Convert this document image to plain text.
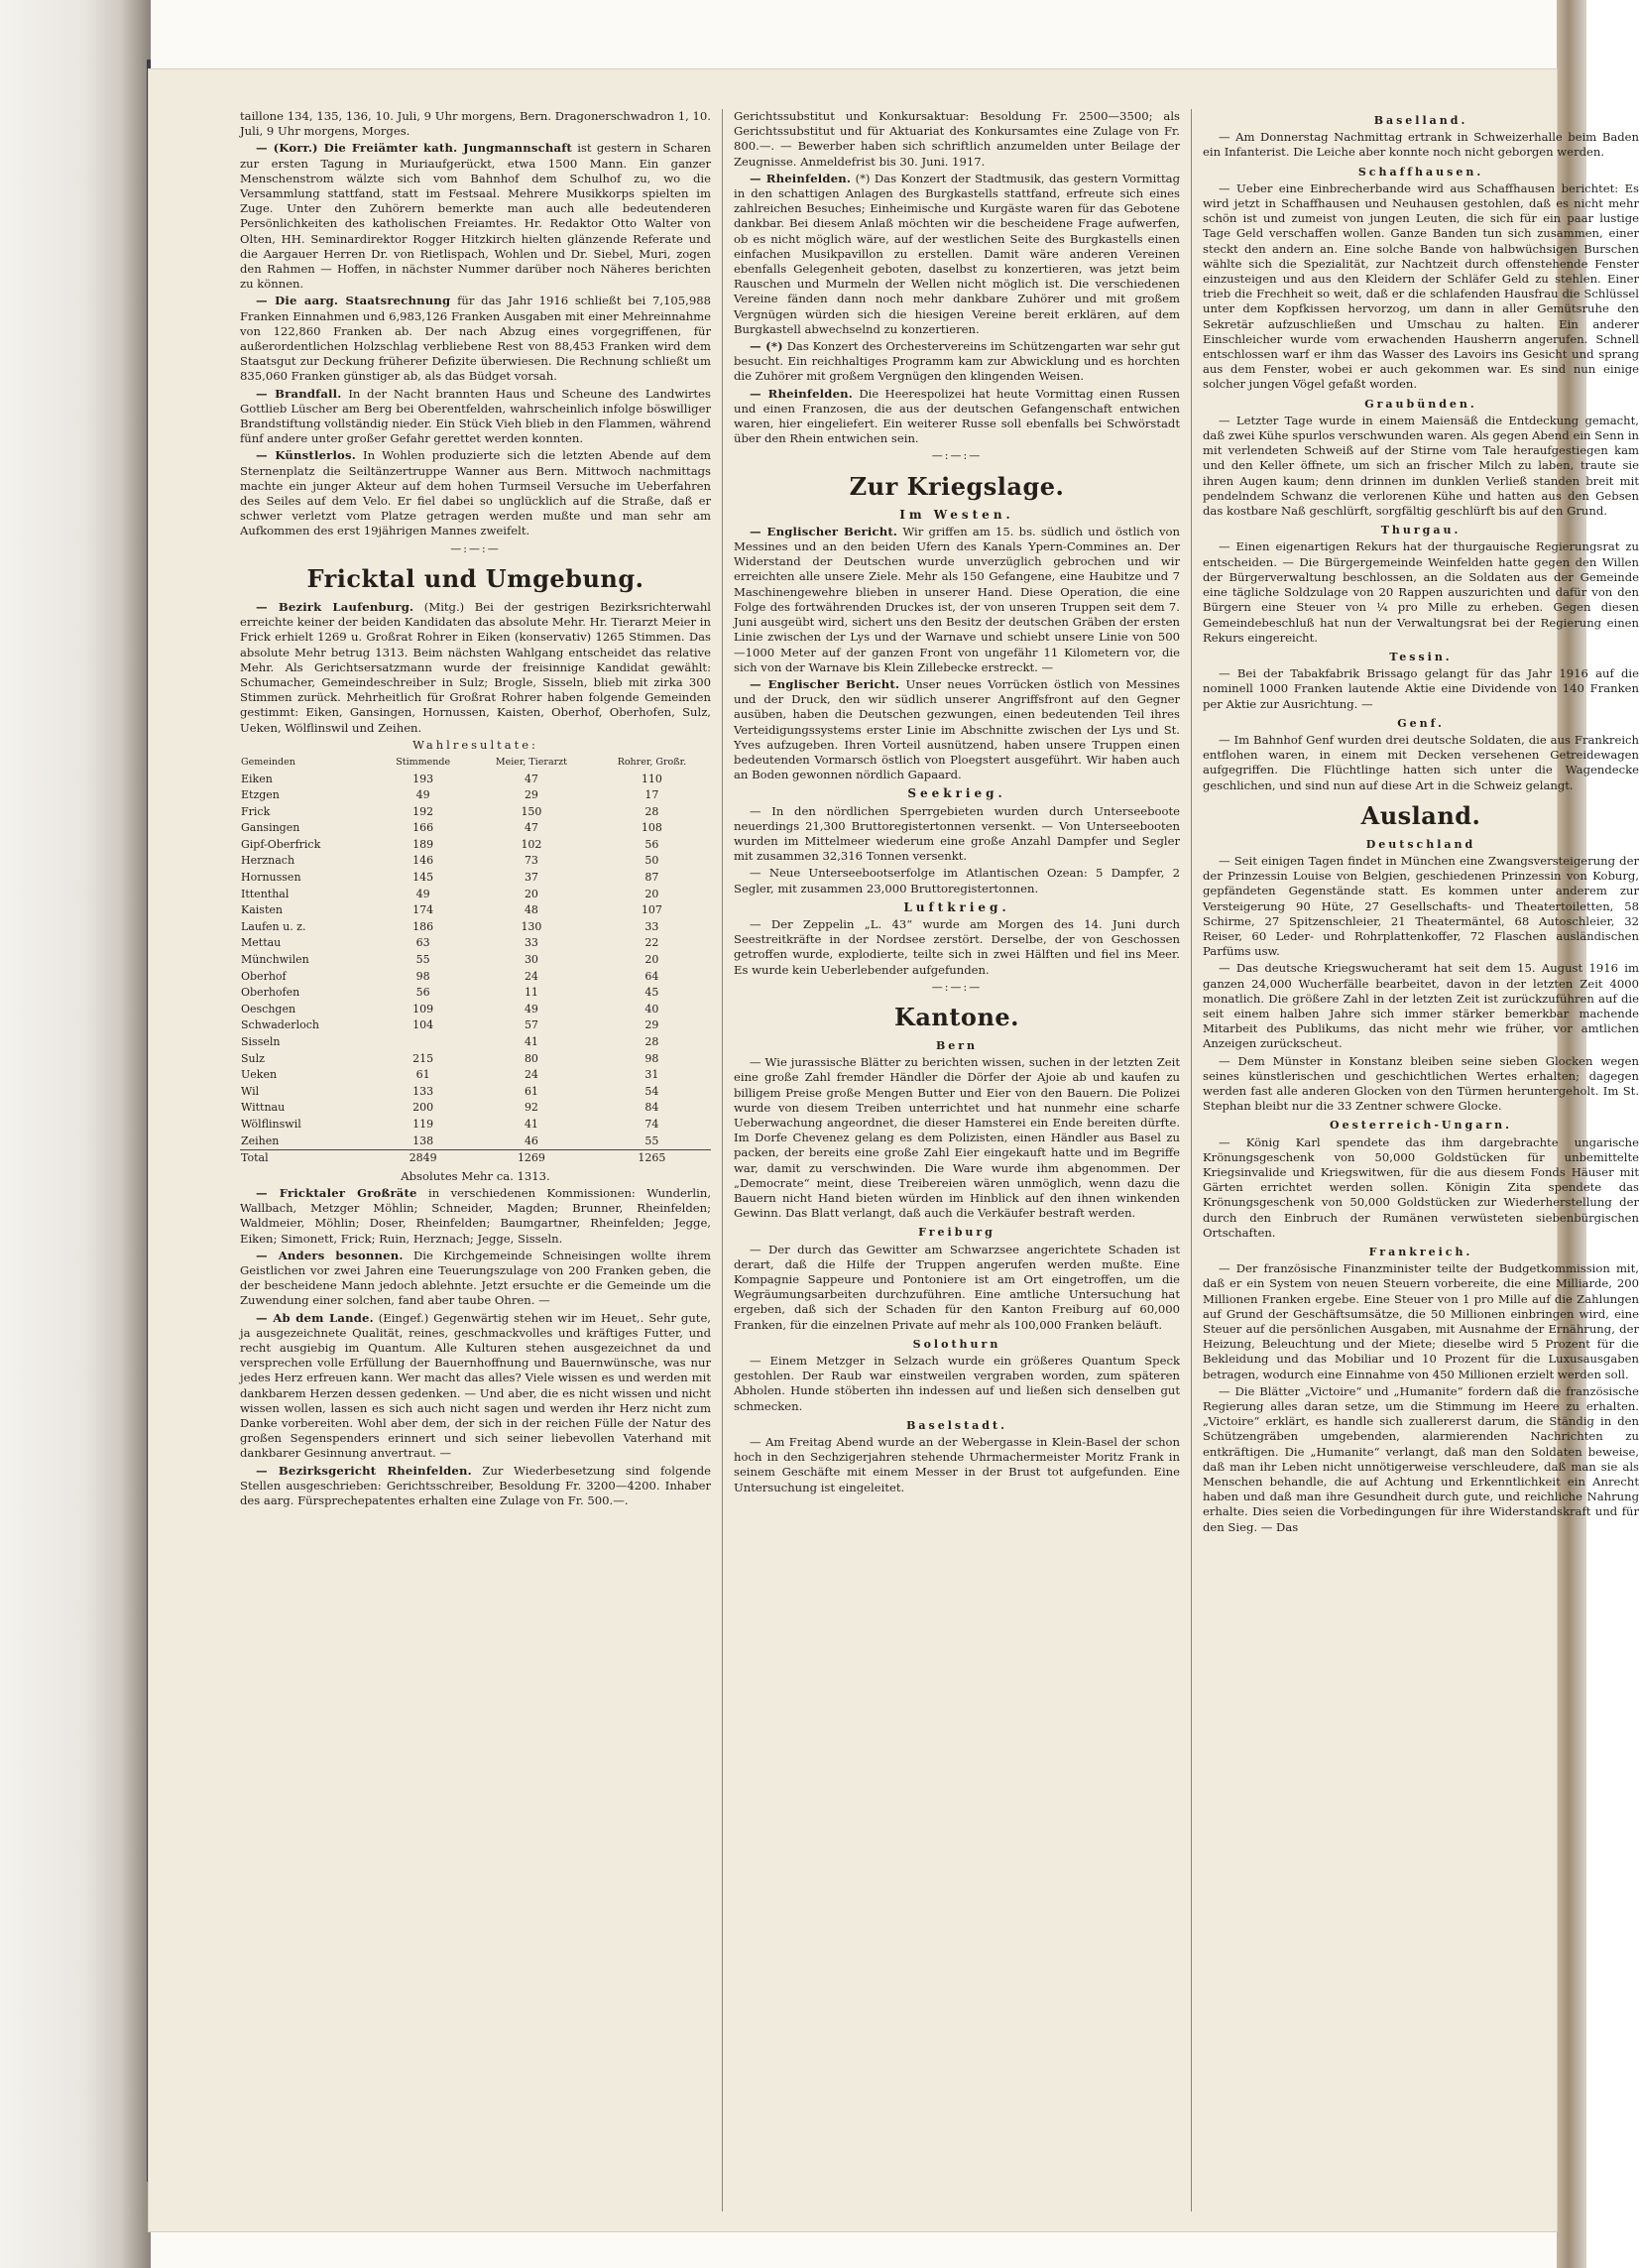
taillone 134, 135, 136, 10. Juli, 9 Uhr morgens, Bern. Dragonerschwadron 1, 10. Juli, 9 Uhr morgens, Morges.

— (Korr.) Die Freiämter kath. Jungmannschaft ist gestern in Scharen zur ersten Tagung in Muriaufgerückt, etwa 1500 Mann. Ein ganzer Menschenstrom wälzte sich vom Bahnhof dem Schulhof zu, wo die Versammlung stattfand, statt im Festsaal. Mehrere Musikkorps spielten im Zuge. Unter den Zuhörern bemerkte man auch alle bedeutenderen Persönlichkeiten des katholischen Freiamtes. Hr. Redaktor Otto Walter von Olten, HH. Seminardirektor Rogger Hitzkirch hielten glänzende Referate und die Aargauer Herren Dr. von Rietlispach, Wohlen und Dr. Siebel, Muri, zogen den Rahmen — Hoffen, in nächster Nummer darüber noch Näheres berichten zu können.

— Die aarg. Staatsrechnung für das Jahr 1916 schließt bei 7,105,988 Franken Einnahmen und 6,983,126 Franken Ausgaben mit einer Mehreinnahme von 122,860 Franken ab. Der nach Abzug eines vorgegriffenen, für außerordentlichen Holzschlag verbliebene Rest von 88,453 Franken wird dem Staatsgut zur Deckung früherer Defizite überwiesen. Die Rechnung schließt um 835,060 Franken günstiger ab, als das Büdget vorsah.

— Brandfall. In der Nacht brannten Haus und Scheune des Landwirtes Gottlieb Lüscher am Berg bei Oberentfelden, wahrscheinlich infolge böswilliger Brandstiftung vollständig nieder. Ein Stück Vieh blieb in den Flammen, während fünf andere unter großer Gefahr gerettet werden konnten.

— Künstlerlos. In Wohlen produzierte sich die letzten Abende auf dem Sternenplatz die Seiltänzertruppe Wanner aus Bern. Mittwoch nachmittags machte ein junger Akteur auf dem hohen Turmseil Versuche im Ueberfahren des Seiles auf dem Velo. Er fiel dabei so unglücklich auf die Straße, daß er schwer verletzt vom Platze getragen werden mußte und man sehr am Aufkommen des erst 19jährigen Mannes zweifelt.

—:—:—
Fricktal und Umgebung.

— Bezirk Laufenburg. (Mitg.) Bei der gestrigen Bezirksrichterwahl erreichte keiner der beiden Kandidaten das absolute Mehr. Hr. Tierarzt Meier in Frick erhielt 1269 u. Großrat Rohrer in Eiken (konservativ) 1265 Stimmen. Das absolute Mehr betrug 1313. Beim nächsten Wahlgang entscheidet das relative Mehr. Als Gerichtsersatzmann wurde der freisinnige Kandidat gewählt: Schumacher, Gemeindeschreiber in Sulz; Brogle, Sisseln, blieb mit zirka 300 Stimmen zurück. Mehrheitlich für Großrat Rohrer haben folgende Gemeinden gestimmt: Eiken, Gansingen, Hornussen, Kaisten, Oberhof, Oberhofen, Sulz, Ueken, Wölflinswil und Zeihen.

Wahlresultate:
Gemeinden	Stimmende	Meier, Tierarzt	Rohrer, Großr.
Eiken	193	47	110
Etzgen	49	29	17
Frick	192	150	28
Gansingen	166	47	108
Gipf-Oberfrick	189	102	56
Herznach	146	73	50
Hornussen	145	37	87
Ittenthal	49	20	20
Kaisten	174	48	107
Laufen u. z.	186	130	33
Mettau	63	33	22
Münchwilen	55	30	20
Oberhof	98	24	64
Oberhofen	56	11	45
Oeschgen	109	49	40
Schwaderloch	104	57	29
Sisseln		41	28
Sulz	215	80	98
Ueken	61	24	31
Wil	133	61	54
Wittnau	200	92	84
Wölflinswil	119	41	74
Zeihen	138	46	55
Total	2849	1269	1265

Absolutes Mehr ca. 1313.

— Fricktaler Großräte in verschiedenen Kommissionen: Wunderlin, Wallbach, Metzger Möhlin; Schneider, Magden; Brunner, Rheinfelden; Waldmeier, Möhlin; Doser, Rheinfelden; Baumgartner, Rheinfelden; Jegge, Eiken; Simonett, Frick; Ruin, Herznach; Jegge, Sisseln.

— Anders besonnen. Die Kirchgemeinde Schneisingen wollte ihrem Geistlichen vor zwei Jahren eine Teuerungszulage von 200 Franken geben, die der bescheidene Mann jedoch ablehnte. Jetzt ersuchte er die Gemeinde um die Zuwendung einer solchen, fand aber taube Ohren. —

— Ab dem Lande. (Eingef.) Gegenwärtig stehen wir im Heuet,. Sehr gute, ja ausgezeichnete Qualität, reines, geschmackvolles und kräftiges Futter, und recht ausgiebig im Quantum. Alle Kulturen stehen ausgezeichnet da und versprechen volle Erfüllung der Bauernhoffnung und Bauernwünsche, was nur jedes Herz erfreuen kann. Wer macht das alles? Viele wissen es und werden mit dankbarem Herzen dessen gedenken. — Und aber, die es nicht wissen und nicht wissen wollen, lassen es sich auch nicht sagen und werden ihr Herz nicht zum Danke vorbereiten. Wohl aber dem, der sich in der reichen Fülle der Natur des großen Segenspenders erinnert und sich seiner liebevollen Vaterhand mit dankbarer Gesinnung anvertraut. —

— Bezirksgericht Rheinfelden. Zur Wiederbesetzung sind folgende Stellen ausgeschrieben: Gerichtsschreiber, Besoldung Fr. 3200—4200. Inhaber des aarg. Fürsprechepatentes erhalten eine Zulage von Fr. 500.—.

Gerichtssubstitut und Konkursaktuar: Besoldung Fr. 2500—3500; als Gerichtssubstitut und für Aktuariat des Konkursamtes eine Zulage von Fr. 800.—. — Bewerber haben sich schriftlich anzumelden unter Beilage der Zeugnisse. Anmeldefrist bis 30. Juni. 1917.

— Rheinfelden. (*) Das Konzert der Stadtmusik, das gestern Vormittag in den schattigen Anlagen des Burgkastells stattfand, erfreute sich eines zahlreichen Besuches; Einheimische und Kurgäste waren für das Gebotene dankbar. Bei diesem Anlaß möchten wir die bescheidene Frage aufwerfen, ob es nicht möglich wäre, auf der westlichen Seite des Burgkastells einen einfachen Musikpavillon zu erstellen. Damit wäre anderen Vereinen ebenfalls Gelegenheit geboten, daselbst zu konzertieren, was jetzt beim Rauschen und Murmeln der Wellen nicht möglich ist. Die verschiedenen Vereine fänden dann noch mehr dankbare Zuhörer und mit großem Vergnügen würden sich die hiesigen Vereine bereit erklären, auf dem Burgkastell abwechselnd zu konzertieren.

— (*) Das Konzert des Orchestervereins im Schützengarten war sehr gut besucht. Ein reichhaltiges Programm kam zur Abwicklung und es horchten die Zuhörer mit großem Vergnügen den klingenden Weisen.

— Rheinfelden. Die Heerespolizei hat heute Vormittag einen Russen und einen Franzosen, die aus der deutschen Gefangenschaft entwichen waren, hier eingeliefert. Ein weiterer Russe soll ebenfalls bei Schwörstadt über den Rhein entwichen sein.

—:—:—
Zur Kriegslage.
Im Westen.

— Englischer Bericht. Wir griffen am 15. bs. südlich und östlich von Messines und an den beiden Ufern des Kanals Ypern-Commines an. Der Widerstand der Deutschen wurde unverzüglich gebrochen und wir erreichten alle unsere Ziele. Mehr als 150 Gefangene, eine Haubitze und 7 Maschinengewehre blieben in unserer Hand. Diese Operation, die eine Folge des fortwährenden Druckes ist, der von unseren Truppen seit dem 7. Juni ausgeübt wird, sichert uns den Besitz der deutschen Gräben der ersten Linie zwischen der Lys und der Warnave und schiebt unsere Linie von 500—1000 Meter auf der ganzen Front von ungefähr 11 Kilometern vor, die sich von der Warnave bis Klein Zillebecke erstreckt. —

— Englischer Bericht. Unser neues Vorrücken östlich von Messines und der Druck, den wir südlich unserer Angriffsfront auf den Gegner ausüben, haben die Deutschen gezwungen, einen bedeutenden Teil ihres Verteidigungssystems erster Linie im Abschnitte zwischen der Lys und St. Yves aufzugeben. Ihren Vorteil ausnützend, haben unsere Truppen einen bedeutenden Vormarsch östlich von Ploegstert ausgeführt. Wir haben auch an Boden gewonnen nördlich Gapaard.

Seekrieg.

— In den nördlichen Sperrgebieten wurden durch Unterseeboote neuerdings 21,300 Bruttoregistertonnen versenkt. — Von Unterseebooten wurden im Mittelmeer wiederum eine große Anzahl Dampfer und Segler mit zusammen 32,316 Tonnen versenkt.

— Neue Unterseebootserfolge im Atlantischen Ozean: 5 Dampfer, 2 Segler, mit zusammen 23,000 Bruttoregistertonnen.

Luftkrieg.

— Der Zeppelin „L. 43“ wurde am Morgen des 14. Juni durch Seestreitkräfte in der Nordsee zerstört. Derselbe, der von Geschossen getroffen wurde, explodierte, teilte sich in zwei Hälften und fiel ins Meer. Es wurde kein Ueberlebender aufgefunden.

—:—:—
Kantone.
Bern

— Wie jurassische Blätter zu berichten wissen, suchen in der letzten Zeit eine große Zahl fremder Händler die Dörfer der Ajoie ab und kaufen zu billigem Preise große Mengen Butter und Eier von den Bauern. Die Polizei wurde von diesem Treiben unterrichtet und hat nunmehr eine scharfe Ueberwachung angeordnet, die dieser Hamsterei ein Ende bereiten dürfte. Im Dorfe Chevenez gelang es dem Polizisten, einen Händler aus Basel zu packen, der bereits eine große Zahl Eier eingekauft hatte und im Begriffe war, damit zu verschwinden. Die Ware wurde ihm abgenommen. Der „Democrate“ meint, diese Treibereien wären unmöglich, wenn dazu die Bauern nicht Hand bieten würden im Hinblick auf den ihnen winkenden Gewinn. Das Blatt verlangt, daß auch die Verkäufer bestraft werden.

Freiburg

— Der durch das Gewitter am Schwarzsee angerichtete Schaden ist derart, daß die Hilfe der Truppen angerufen werden mußte. Eine Kompagnie Sappeure und Pontoniere ist am Ort eingetroffen, um die Wegräumungsarbeiten durchzuführen. Eine amtliche Untersuchung hat ergeben, daß sich der Schaden für den Kanton Freiburg auf 60,000 Franken, für die einzelnen Private auf mehr als 100,000 Franken beläuft.

Solothurn

— Einem Metzger in Selzach wurde ein größeres Quantum Speck gestohlen. Der Raub war einstweilen vergraben worden, zum späteren Abholen. Hunde stöberten ihn indessen auf und ließen sich denselben gut schmecken.

Baselstadt.

— Am Freitag Abend wurde an der Webergasse in Klein-Basel der schon hoch in den Sechzigerjahren stehende Uhrmachermeister Moritz Frank in seinem Geschäfte mit einem Messer in der Brust tot aufgefunden. Eine Untersuchung ist eingeleitet.

Baselland.

— Am Donnerstag Nachmittag ertrank in Schweizerhalle beim Baden ein Infanterist. Die Leiche aber konnte noch nicht geborgen werden.

Schaffhausen.

— Ueber eine Einbrecherbande wird aus Schaffhausen berichtet: Es wird jetzt in Schaffhausen und Neuhausen gestohlen, daß es nicht mehr schön ist und zumeist von jungen Leuten, die sich für ein paar lustige Tage Geld verschaffen wollen. Ganze Banden tun sich zusammen, einer steckt den andern an. Eine solche Bande von halbwüchsigen Burschen wählte sich die Spezialität, zur Nachtzeit durch offenstehende Fenster einzusteigen und aus den Kleidern der Schläfer Geld zu stehlen. Einer trieb die Frechheit so weit, daß er die schlafenden Hausfrau die Schlüssel unter dem Kopfkissen hervorzog, um dann in aller Gemütsruhe den Sekretär aufzuschließen und Umschau zu halten. Ein anderer Einschleicher wurde vom erwachenden Hausherrn angerufen. Schnell entschlossen warf er ihm das Wasser des Lavoirs ins Gesicht und sprang aus dem Fenster, wobei er auch gekommen war. Es sind nun einige solcher jungen Vögel gefaßt worden.

Graubünden.

— Letzter Tage wurde in einem Maiensäß die Entdeckung gemacht, daß zwei Kühe spurlos verschwunden waren. Als gegen Abend ein Senn in mit verlendeten Schweiß auf der Stirne vom Tale heraufgestiegen kam und den Keller öffnete, um sich an frischer Milch zu laben, traute sie ihren Augen kaum; denn drinnen im dunklen Verließ standen breit mit pendelndem Schwanz die verlorenen Kühe und hatten aus den Gebsen das kostbare Naß geschlürft, sorgfältig geschlürft bis auf den Grund.

Thurgau.

— Einen eigenartigen Rekurs hat der thurgauische Regierungsrat zu entscheiden. — Die Bürgergemeinde Weinfelden hatte gegen den Willen der Bürgerverwaltung beschlossen, an die Soldaten aus der Gemeinde eine tägliche Soldzulage von 20 Rappen auszurichten und dafür von den Bürgern eine Steuer von ¼ pro Mille zu erheben. Gegen diesen Gemeindebeschluß hat nun der Verwaltungsrat bei der Regierung einen Rekurs eingereicht.

Tessin.

— Bei der Tabakfabrik Brissago gelangt für das Jahr 1916 auf die nominell 1000 Franken lautende Aktie eine Dividende von 140 Franken per Aktie zur Ausrichtung. —

Genf.

— Im Bahnhof Genf wurden drei deutsche Soldaten, die aus Frankreich entflohen waren, in einem mit Decken versehenen Getreidewagen aufgegriffen. Die Flüchtlinge hatten sich unter die Wagendecke geschlichen, und sind nun auf diese Art in die Schweiz gelangt.

Ausland.
Deutschland

— Seit einigen Tagen findet in München eine Zwangsversteigerung der der Prinzessin Louise von Belgien, geschiedenen Prinzessin von Koburg, gepfändeten Gegenstände statt. Es kommen unter anderem zur Versteigerung 90 Hüte, 27 Gesellschafts- und Theatertoiletten, 58 Schirme, 27 Spitzenschleier, 21 Theatermäntel, 68 Autoschleier, 32 Reiser, 60 Leder- und Rohrplattenkoffer, 72 Flaschen ausländischen Parfüms usw.

— Das deutsche Kriegswucheramt hat seit dem 15. August 1916 im ganzen 24,000 Wucherfälle bearbeitet, davon in der letzten Zeit 4000 monatlich. Die größere Zahl in der letzten Zeit ist zurückzuführen auf die seit einem halben Jahre sich immer stärker bemerkbar machende Mitarbeit des Publikums, das nicht mehr wie früher, vor amtlichen Anzeigen zurückscheut.

— Dem Münster in Konstanz bleiben seine sieben Glocken wegen seines künstlerischen und geschichtlichen Wertes erhalten; dagegen werden fast alle anderen Glocken von den Türmen heruntergeholt. Im St. Stephan bleibt nur die 33 Zentner schwere Glocke.

Oesterreich-Ungarn.

— König Karl spendete das ihm dargebrachte ungarische Krönungsgeschenk von 50,000 Goldstücken für unbemittelte Kriegsinvalide und Kriegswitwen, für die aus diesem Fonds Häuser mit Gärten errichtet werden sollen. Königin Zita spendete das Krönungsgeschenk von 50,000 Goldstücken zur Wiederherstellung der durch den Einbruch der Rumänen verwüsteten siebenbürgischen Ortschaften.

Frankreich.

— Der französische Finanzminister teilte der Budgetkommission mit, daß er ein System von neuen Steuern vorbereite, die eine Milliarde, 200 Millionen Franken ergebe. Eine Steuer von 1 pro Mille auf die Zahlungen auf Grund der Geschäftsumsätze, die 50 Millionen einbringen wird, eine Steuer auf die persönlichen Ausgaben, mit Ausnahme der Ernährung, der Heizung, Beleuchtung und der Miete; dieselbe wird 5 Prozent für die Bekleidung und das Mobiliar und 10 Prozent für die Luxusausgaben betragen, wodurch eine Einnahme von 450 Millionen erzielt werden soll.

— Die Blätter „Victoire“ und „Humanite“ fordern daß die französische Regierung alles daran setze, um die Stimmung im Heere zu erhalten. „Victoire“ erklärt, es handle sich zuallererst darum, die Ständig in den Schützengräben umgebenden, alarmierenden Nachrichten zu entkräftigen. Die „Humanite“ verlangt, daß man den Soldaten beweise, daß man ihr Leben nicht unnötigerweise verschleudere, daß man sie als Menschen behandle, die auf Achtung und Erkenntlichkeit ein Anrecht haben und daß man ihre Gesundheit durch gute, und reichliche Nahrung erhalte. Dies seien die Vorbedingungen für ihre Widerstandskraft und für den Sieg. — Das
